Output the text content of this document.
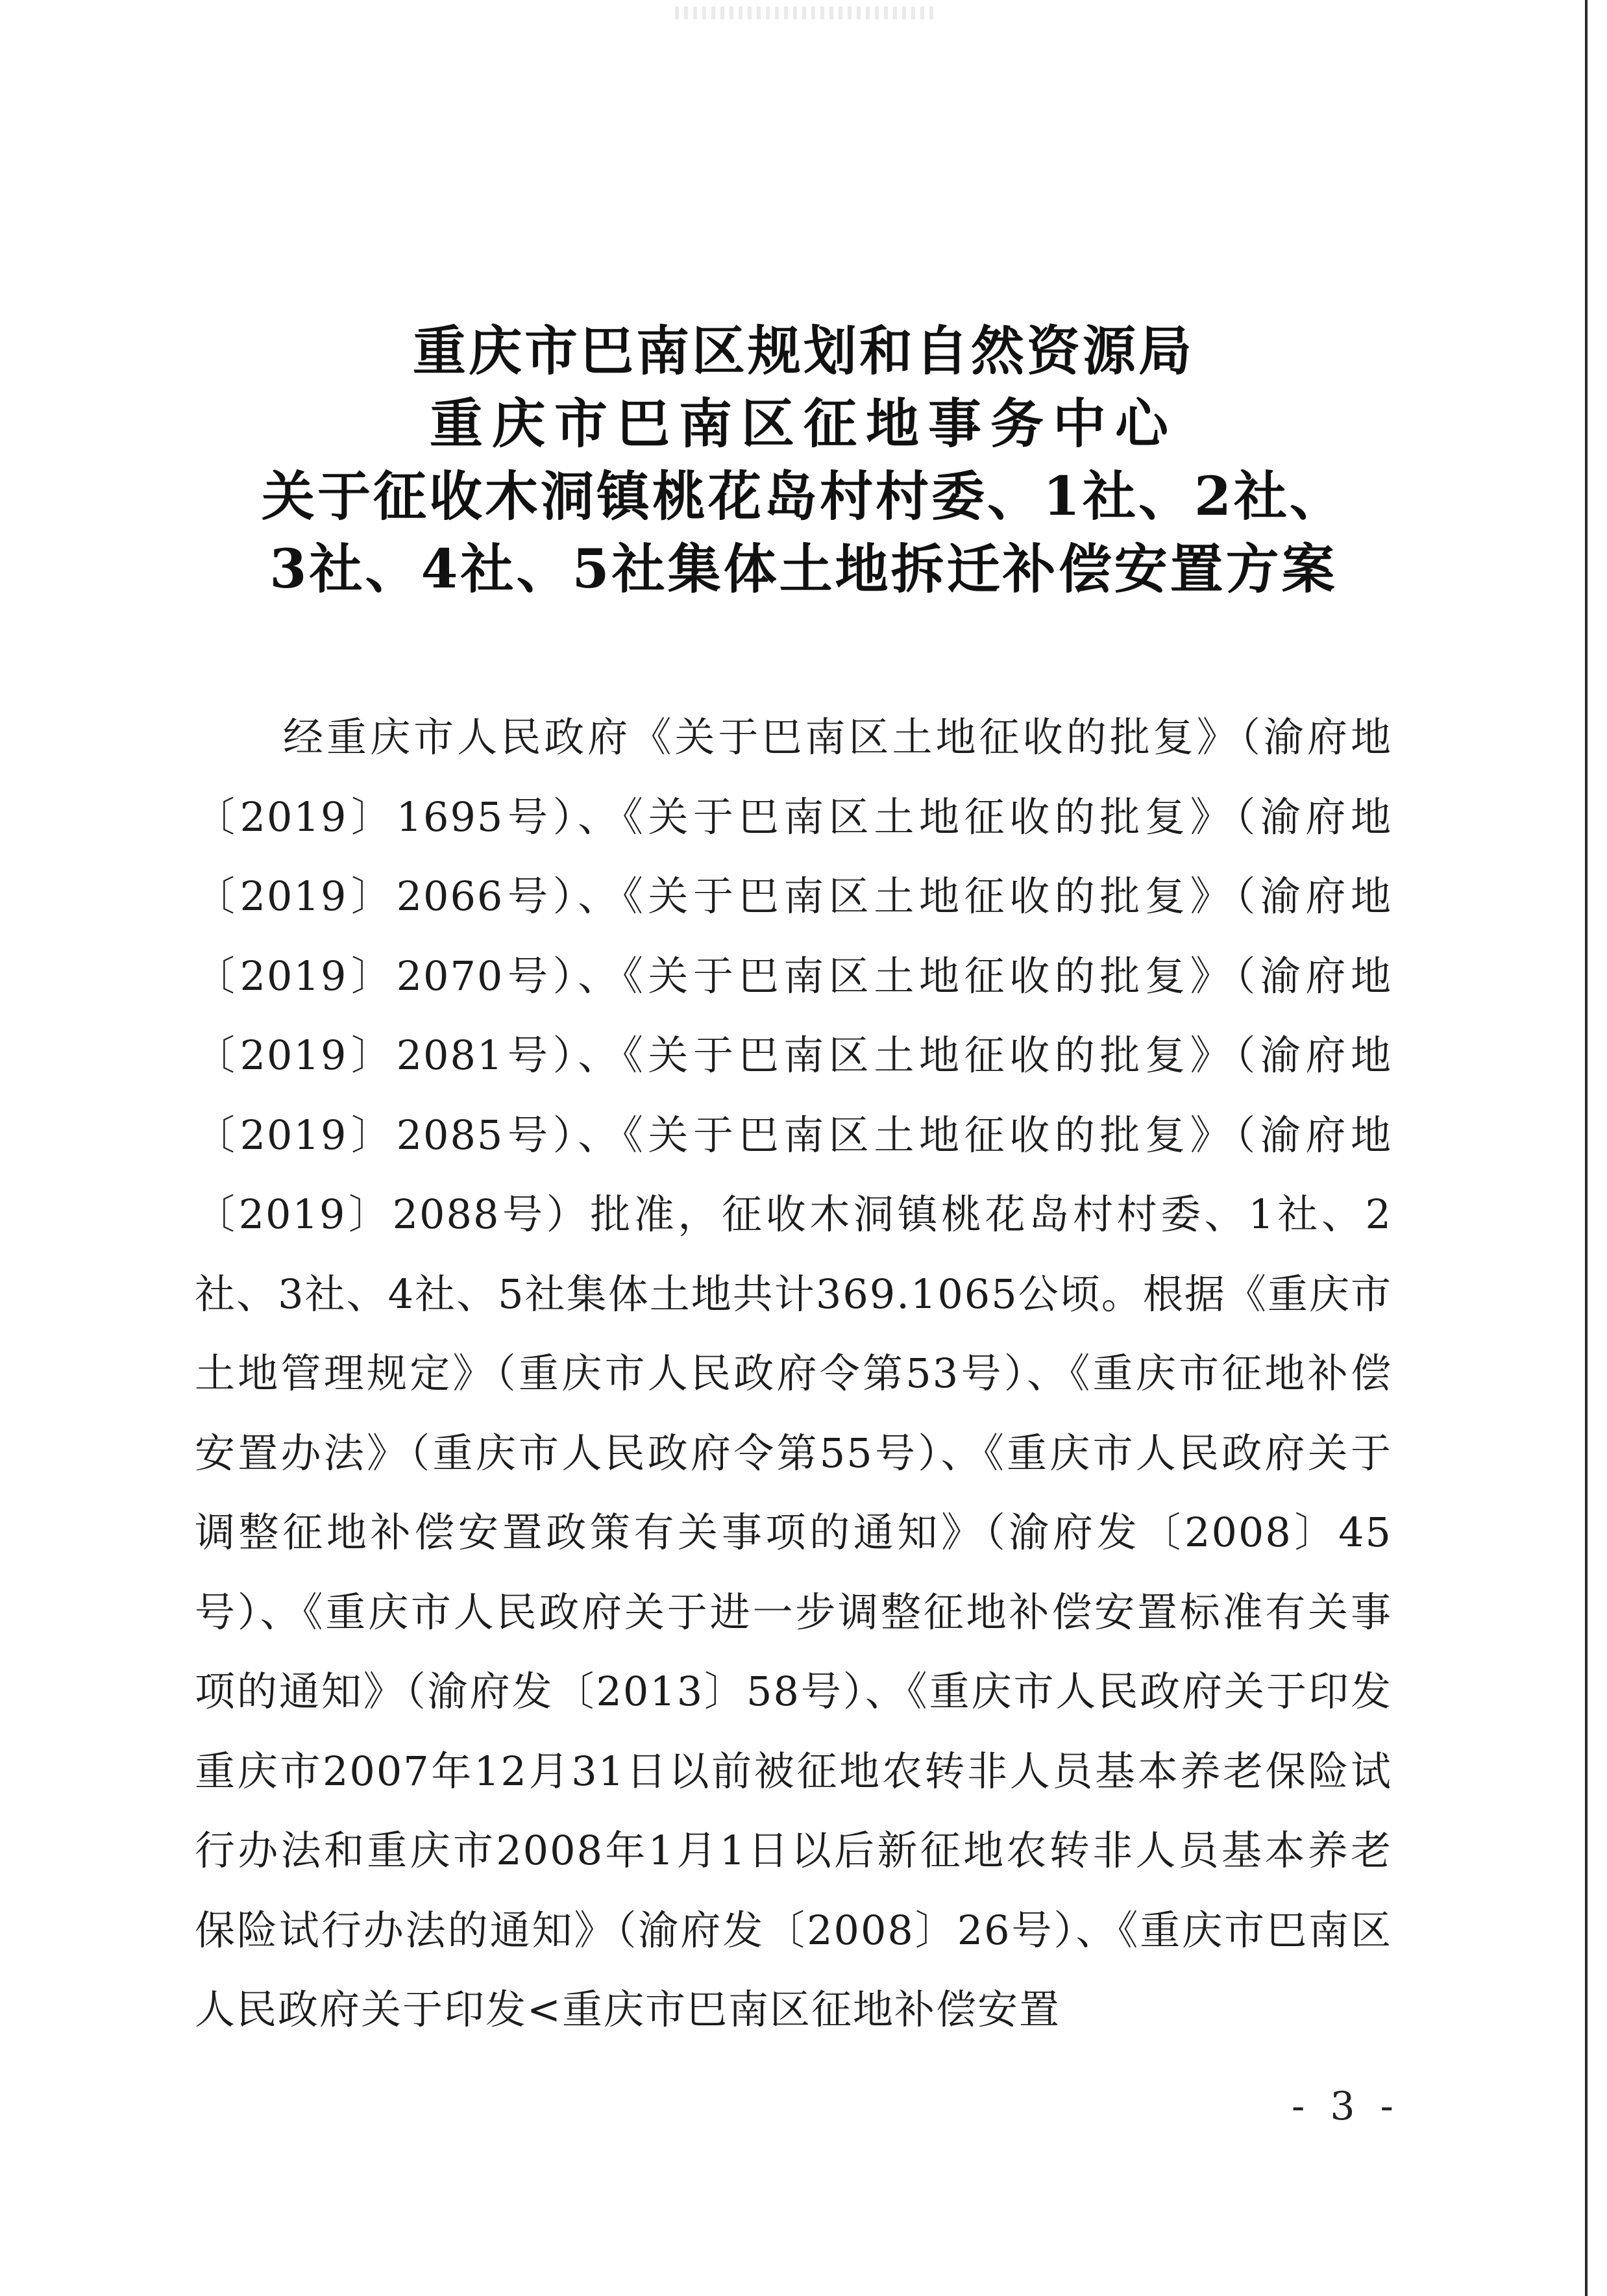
重庆市巴南区规划和自然资源局
重庆市巴南区征地事务中心
关于征收木洞镇桃花岛村村委、1社、2社、
3社、4社、5社集体土地拆迁补偿安置方案

经重庆市人民政府《关于巴南区土地征收的批复》（渝府地〔2019〕1695号）、《关于巴南区土地征收的批复》（渝府地〔2019〕2066号）、《关于巴南区土地征收的批复》（渝府地〔2019〕2070号）、《关于巴南区土地征收的批复》（渝府地〔2019〕2081号）、《关于巴南区土地征收的批复》（渝府地〔2019〕2085号）、《关于巴南区土地征收的批复》（渝府地〔2019〕2088号）批准，征收木洞镇桃花岛村村委、1社、2社、3社、4社、5社集体土地共计369.1065公顷。根据《重庆市土地管理规定》（重庆市人民政府令第53号）、《重庆市征地补偿安置办法》（重庆市人民政府令第55号）、《重庆市人民政府关于调整征地补偿安置政策有关事项的通知》（渝府发〔2008〕45号）、《重庆市人民政府关于进一步调整征地补偿安置标准有关事项的通知》（渝府发〔2013〕58号）、《重庆市人民政府关于印发重庆市2007年12月31日以前被征地农转非人员基本养老保险试行办法和重庆市2008年1月1日以后新征地农转非人员基本养老保险试行办法的通知》（渝府发〔2008〕26号）、《重庆市巴南区人民政府关于印发<重庆市巴南区征地补偿安置

- 3 -
